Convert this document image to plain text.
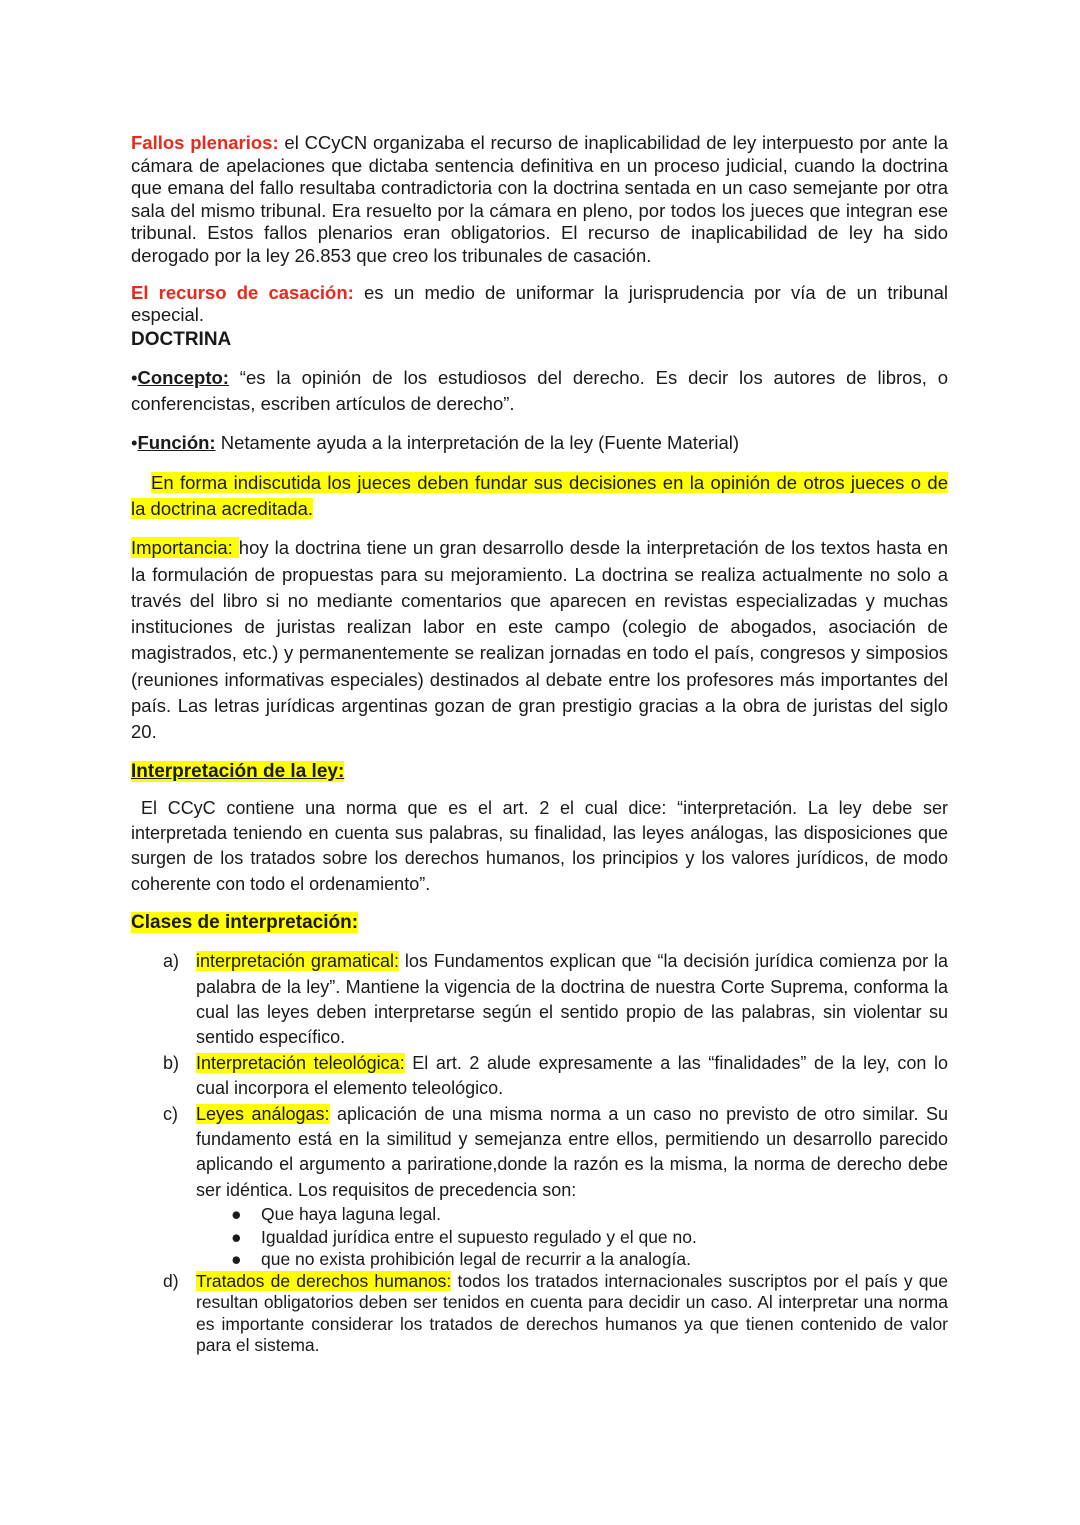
Fallos plenarios: el CCyCN organizaba el recurso de inaplicabilidad de ley interpuesto por ante la cámara de apelaciones que dictaba sentencia definitiva en un proceso judicial, cuando la doctrina que emana del fallo resultaba contradictoria con la doctrina sentada en un caso semejante por otra sala del mismo tribunal. Era resuelto por la cámara en pleno, por todos los jueces que integran ese tribunal. Estos fallos plenarios eran obligatorios. El recurso de inaplicabilidad de ley ha sido derogado por la ley 26.853 que creo los tribunales de casación.

El recurso de casación: es un medio de uniformar la jurisprudencia por vía de un tribunal especial.

DOCTRINA

•Concepto: “es la opinión de los estudiosos del derecho. Es decir los autores de libros, o conferencistas, escriben artículos de derecho”.

•Función: Netamente ayuda a la interpretación de la ley (Fuente Material)

En forma indiscutida los jueces deben fundar sus decisiones en la opinión de otros jueces o de la doctrina acreditada.

Importancia: hoy la doctrina tiene un gran desarrollo desde la interpretación de los textos hasta en la formulación de propuestas para su mejoramiento. La doctrina se realiza actualmente no solo a través del libro si no mediante comentarios que aparecen en revistas especializadas y muchas instituciones de juristas realizan labor en este campo (colegio de abogados, asociación de magistrados, etc.) y permanentemente se realizan jornadas en todo el país, congresos y simposios (reuniones informativas especiales) destinados al debate entre los profesores más importantes del país. Las letras jurídicas argentinas gozan de gran prestigio gracias a la obra de juristas del siglo 20.

Interpretación de la ley:

El CCyC contiene una norma que es el art. 2 el cual dice: “interpretación. La ley debe ser interpretada teniendo en cuenta sus palabras, su finalidad, las leyes análogas, las disposiciones que surgen de los tratados sobre los derechos humanos, los principios y los valores jurídicos, de modo coherente con todo el ordenamiento”.

Clases de interpretación:
a) interpretación gramatical: los Fundamentos explican que “la decisión jurídica comienza por la palabra de la ley”. Mantiene la vigencia de la doctrina de nuestra Corte Suprema, conforma la cual las leyes deben interpretarse según el sentido propio de las palabras, sin violentar su sentido específico.
b) Interpretación teleológica: El art. 2 alude expresamente a las “finalidades” de la ley, con lo cual incorpora el elemento teleológico.
c) Leyes análogas: aplicación de una misma norma a un caso no previsto de otro similar. Su fundamento está en la similitud y semejanza entre ellos, permitiendo un desarrollo parecido aplicando el argumento a pariratione,donde la razón es la misma, la norma de derecho debe ser idéntica. Los requisitos de precedencia son:
● Que haya laguna legal.
● Igualdad jurídica entre el supuesto regulado y el que no.
● que no exista prohibición legal de recurrir a la analogía.
d) Tratados de derechos humanos: todos los tratados internacionales suscriptos por el país y que resultan obligatorios deben ser tenidos en cuenta para decidir un caso. Al interpretar una norma es importante considerar los tratados de derechos humanos ya que tienen contenido de valor para el sistema.
